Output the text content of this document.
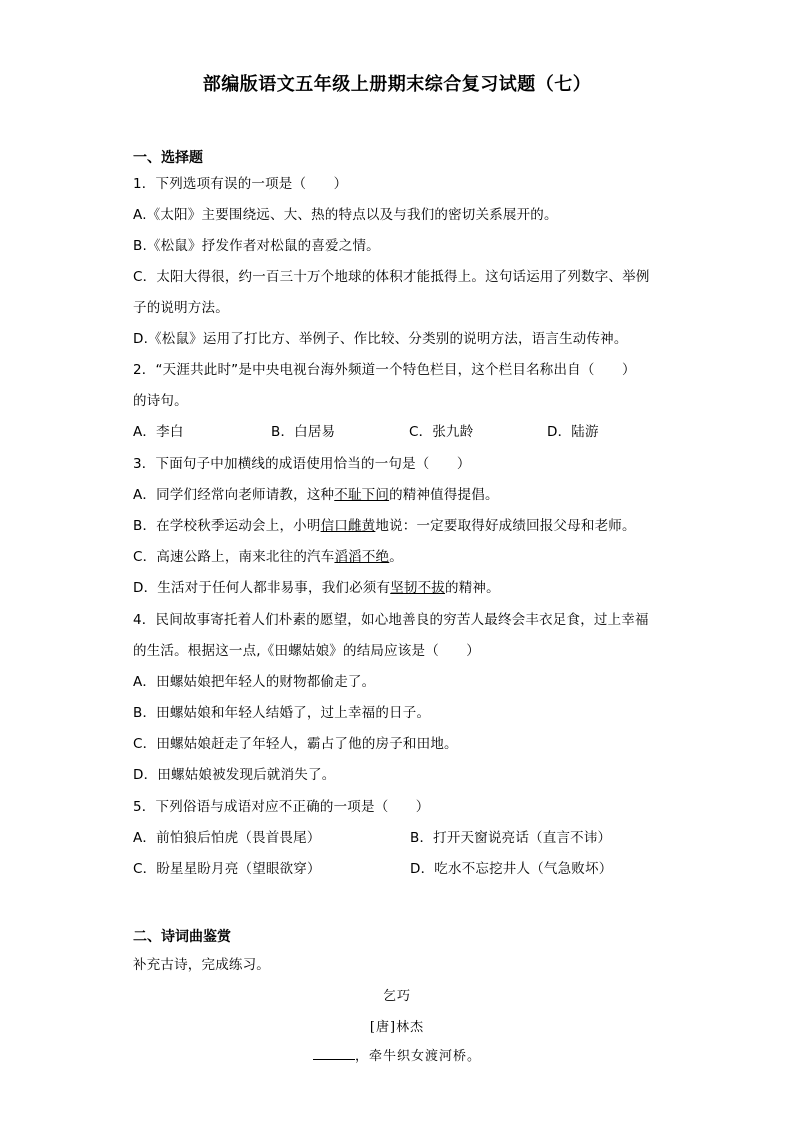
部编版语文五年级上册期末综合复习试题（七）
一、选择题
1．下列选项有误的一项是（　　）
A.《太阳》主要围绕远、大、热的特点以及与我们的密切关系展开的。
B.《松鼠》抒发作者对松鼠的喜爱之情。
C．太阳大得很，约一百三十万个地球的体积才能抵得上。这句话运用了列数字、举例
子的说明方法。
D.《松鼠》运用了打比方、举例子、作比较、分类别的说明方法，语言生动传神。
2．“天涯共此时”是中央电视台海外频道一个特色栏目，这个栏目名称出自（　　）
的诗句。
A．李白	B．白居易	C．张九龄	D．陆游
3．下面句子中加横线的成语使用恰当的一句是（　　）
A．同学们经常向老师请教，这种不耻下问的精神值得提倡。
B．在学校秋季运动会上，小明信口雌黄地说：一定要取得好成绩回报父母和老师。
C．高速公路上，南来北往的汽车滔滔不绝。
D．生活对于任何人都非易事，我们必须有坚韧不拔的精神。
4．民间故事寄托着人们朴素的愿望，如心地善良的穷苦人最终会丰衣足食，过上幸福
的生活。根据这一点,《田螺姑娘》的结局应该是（　　）
A．田螺姑娘把年轻人的财物都偷走了。
B．田螺姑娘和年轻人结婚了，过上幸福的日子。
C．田螺姑娘赶走了年轻人，霸占了他的房子和田地。
D．田螺姑娘被发现后就消失了。
5．下列俗语与成语对应不正确的一项是（　　）
A．前怕狼后怕虎（畏首畏尾）	B．打开天窗说亮话（直言不讳）
C．盼星星盼月亮（望眼欲穿）	D．吃水不忘挖井人（气急败坏）
二、诗词曲鉴赏
补充古诗，完成练习。
乞巧
[唐]林杰
，牵牛织女渡河桥。
